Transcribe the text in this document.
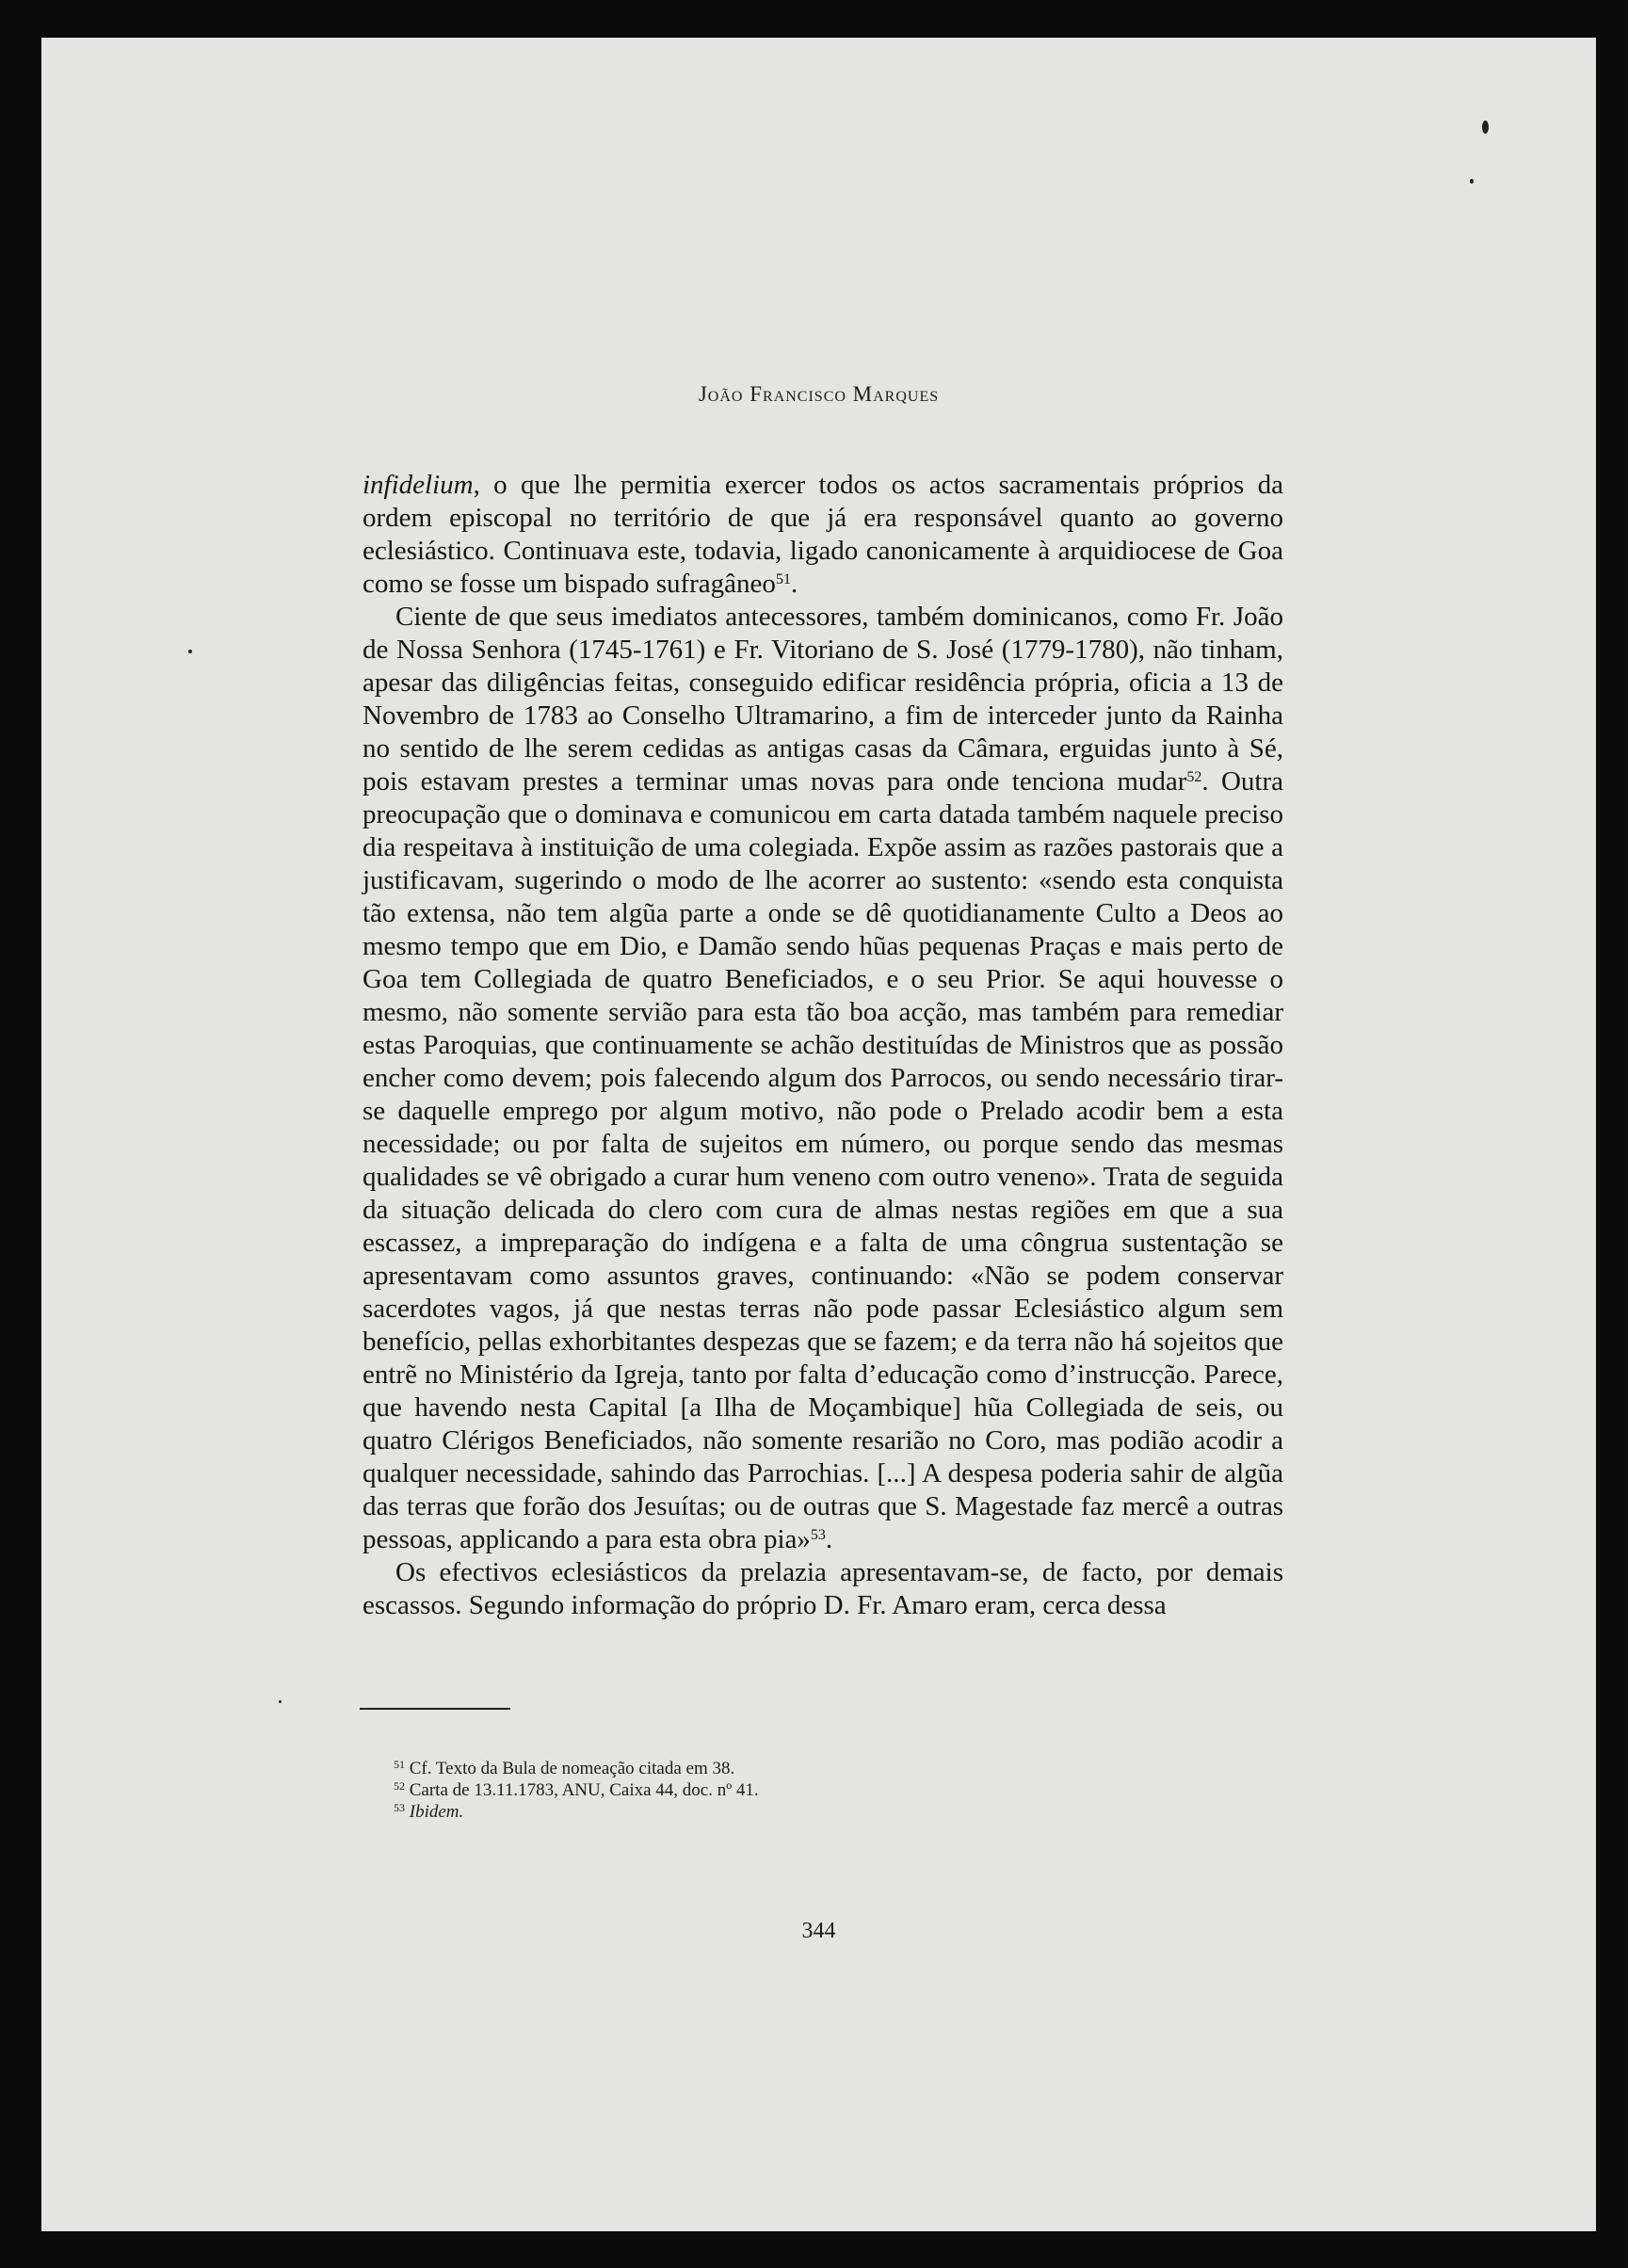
João Francisco Marques

infidelium, o que lhe permitia exercer todos os actos sacramentais próprios da ordem episcopal no território de que já era responsável quanto ao governo eclesiástico. Continuava este, todavia, ligado canonicamente à arquidiocese de Goa como se fosse um bispado sufragâneo$^{51}$.

Ciente de que seus imediatos antecessores, também dominicanos, como Fr. João de Nossa Senhora (1745-1761) e Fr. Vitoriano de S. José (1779-1780), não tinham, apesar das diligências feitas, conseguido edificar residência própria, oficia a 13 de Novembro de 1783 ao Conselho Ultramarino, a fim de interceder junto da Rainha no sentido de lhe serem cedidas as antigas casas da Câmara, erguidas junto à Sé, pois estavam prestes a terminar umas novas para onde tenciona mudar$^{52}$. Outra preocupação que o dominava e comunicou em carta datada também naquele preciso dia respeitava à instituição de uma colegiada. Expõe assim as razões pastorais que a justificavam, sugerindo o modo de lhe acorrer ao sustento: «sendo esta conquista tão extensa, não tem algũa parte a onde se dê quotidianamente Culto a Deos ao mesmo tempo que em Dio, e Damão sendo hũas pequenas Praças e mais perto de Goa tem Collegiada de quatro Beneficiados, e o seu Prior. Se aqui houvesse o mesmo, não somente servião para esta tão boa acção, mas também para remediar estas Paroquias, que continuamente se achão destituídas de Ministros que as possão encher como devem; pois falecendo algum dos Parrocos, ou sendo necessário tirar-se daquelle emprego por algum motivo, não pode o Prelado acodir bem a esta necessidade; ou por falta de sujeitos em número, ou porque sendo das mesmas qualidades se vê obrigado a curar hum veneno com outro veneno». Trata de seguida da situação delicada do clero com cura de almas nestas regiões em que a sua escassez, a impreparação do indígena e a falta de uma côngrua sustentação se apresentavam como assuntos graves, continuando: «Não se podem conservar sacerdotes vagos, já que nestas terras não pode passar Eclesiástico algum sem benefício, pellas exhorbitantes despezas que se fazem; e da terra não há sojeitos que entrẽ no Ministério da Igreja, tanto por falta d’educação como d’instrucção. Parece, que havendo nesta Capital [a Ilha de Moçambique] hũa Collegiada de seis, ou quatro Clérigos Beneficiados, não somente resarião no Coro, mas podião acodir a qualquer necessidade, sahindo das Parrochias. [...] A despesa poderia sahir de algũa das terras que forão dos Jesuítas; ou de outras que S. Magestade faz mercê a outras pessoas, applicando a para esta obra pia»$^{53}$.

Os efectivos eclesiásticos da prelazia apresentavam-se, de facto, por demais escassos. Segundo informação do próprio D. Fr. Amaro eram, cerca dessa

$^{51}$ Cf. Texto da Bula de nomeação citada em 38.
$^{52}$ Carta de 13.11.1783, ANU, Caixa 44, doc. nº 41.
$^{53}$ Ibidem.
344
